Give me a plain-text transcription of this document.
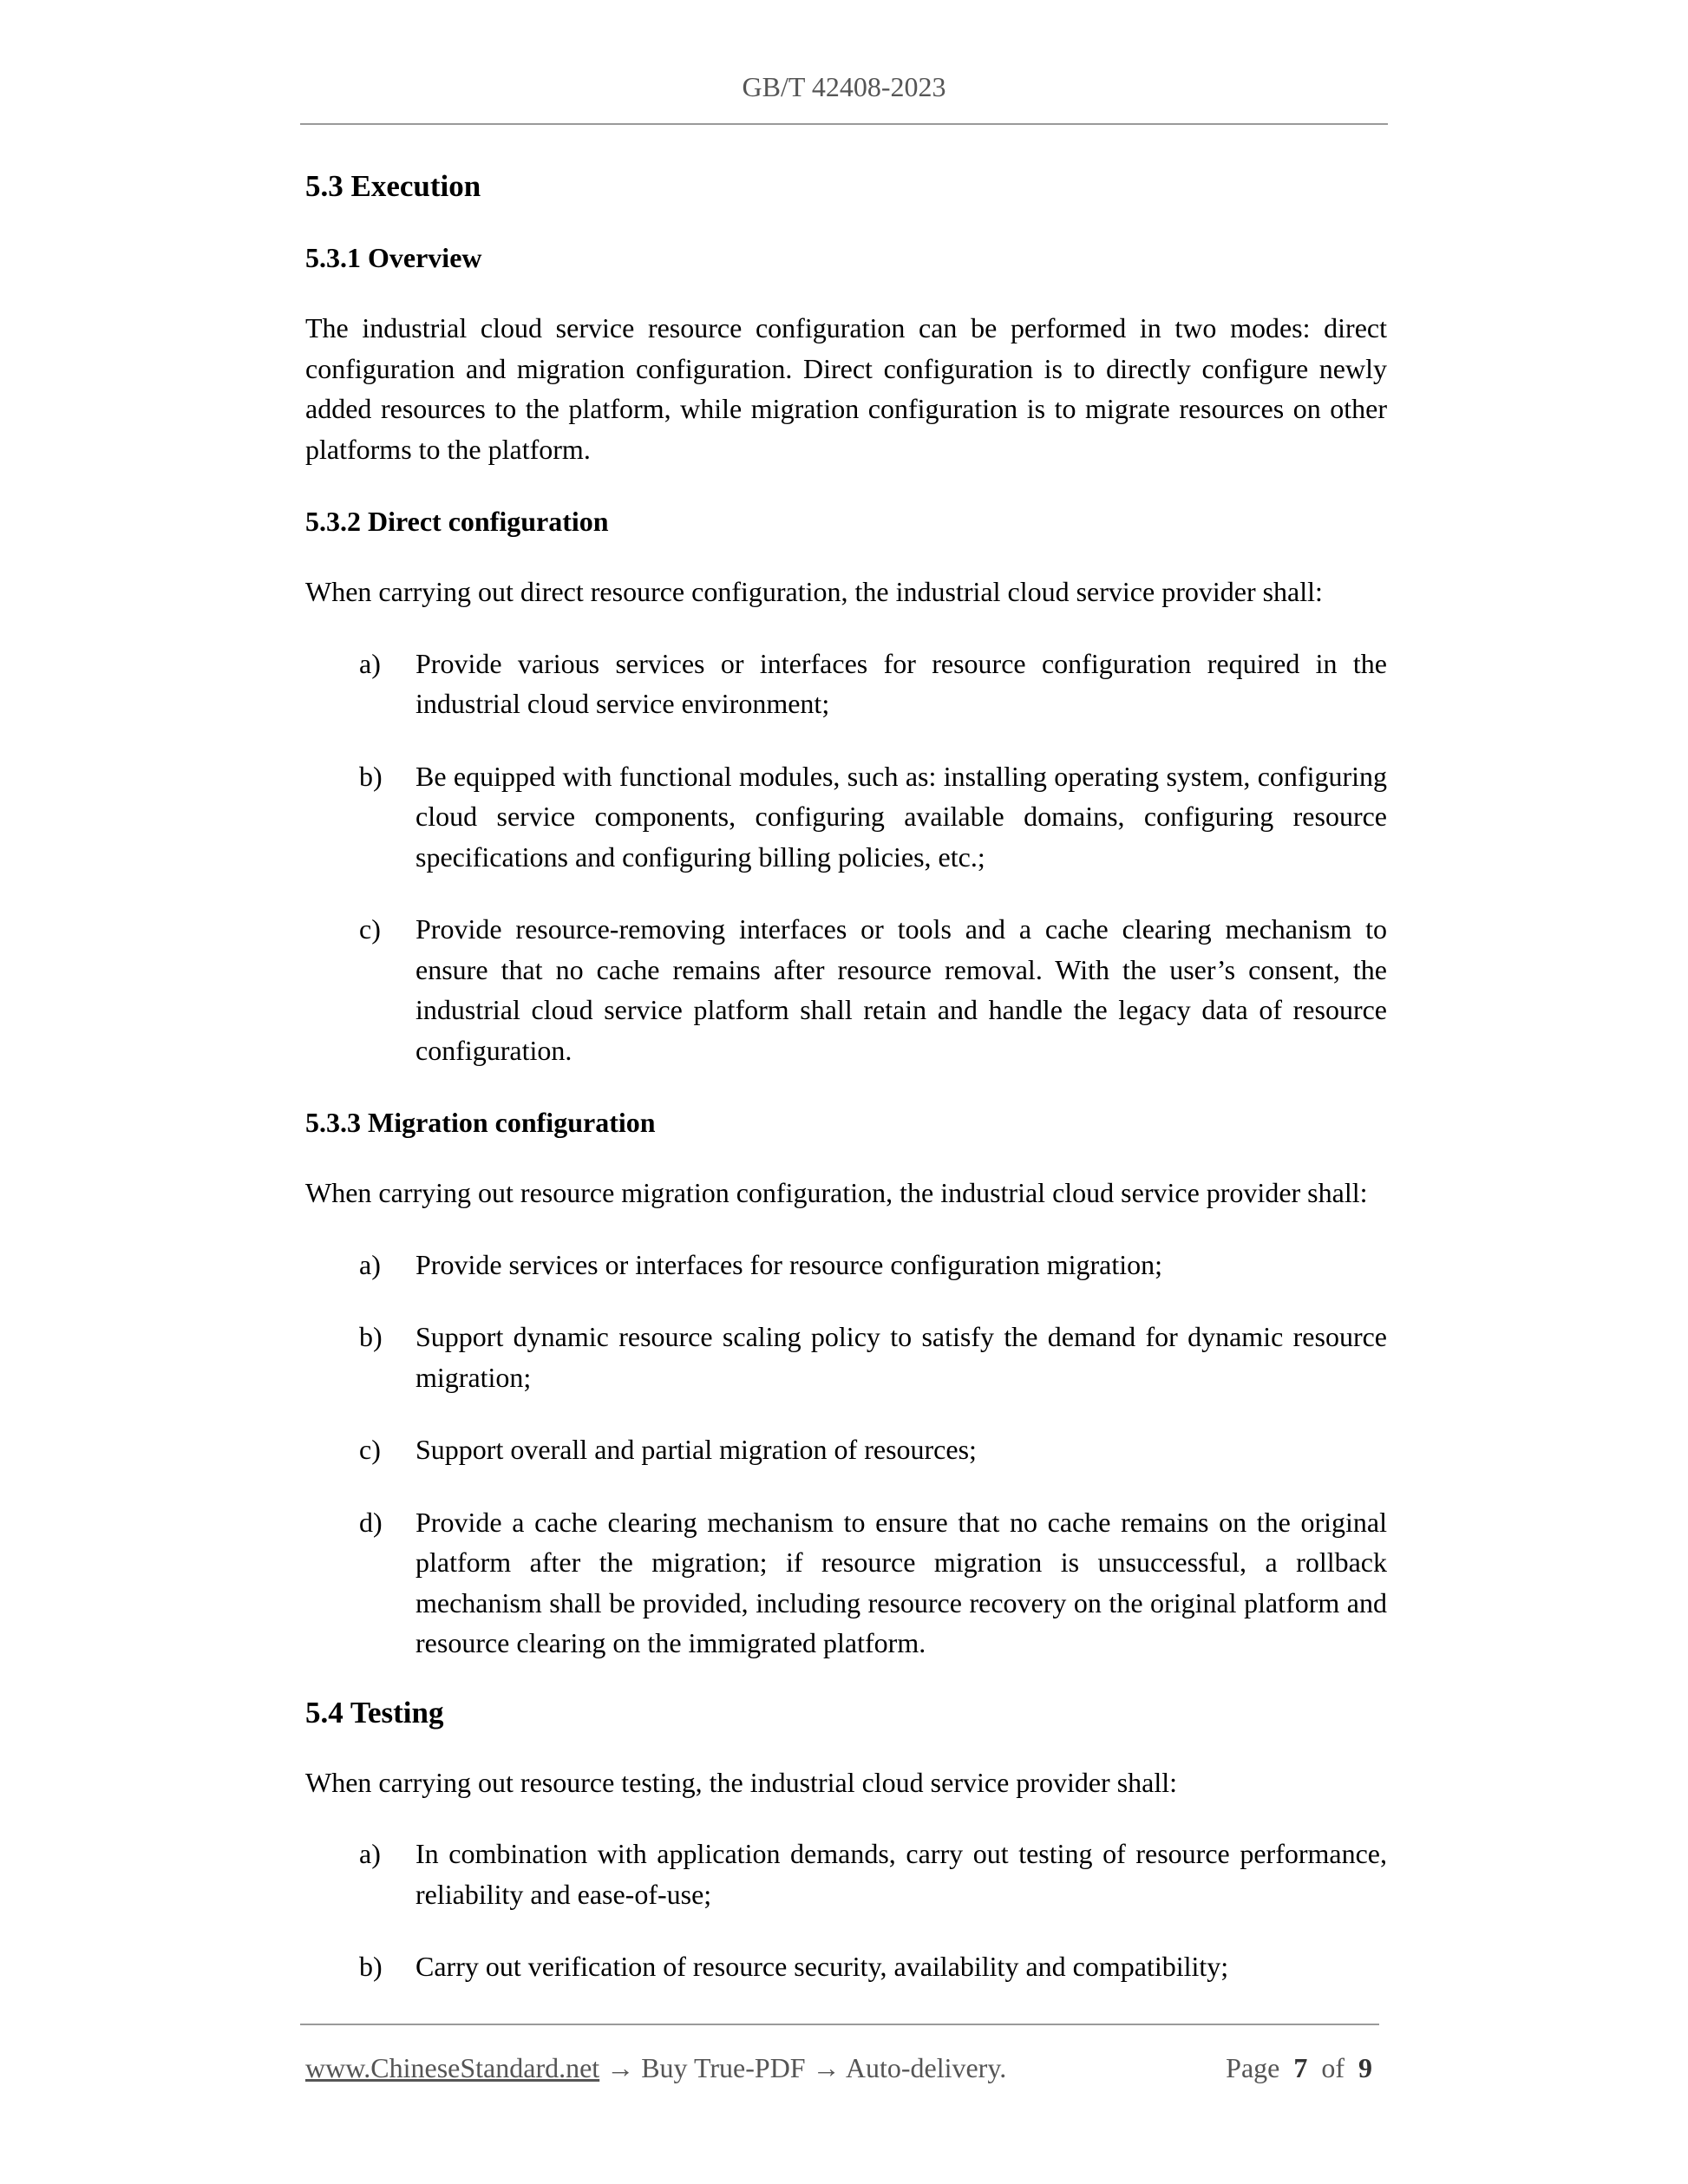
GB/T 42408-2023
5.3 Execution
5.3.1 Overview

The industrial cloud service resource configuration can be performed in two modes: direct configuration and migration configuration. Direct configuration is to directly configure newly added resources to the platform, while migration configuration is to migrate resources on other platforms to the platform.

5.3.2 Direct configuration

When carrying out direct resource configuration, the industrial cloud service provider shall:

a) Provide various services or interfaces for resource configuration required in the industrial cloud service environment;
b) Be equipped with functional modules, such as: installing operating system, configuring cloud service components, configuring available domains, configuring resource specifications and configuring billing policies, etc.;
c) Provide resource-removing interfaces or tools and a cache clearing mechanism to ensure that no cache remains after resource removal. With the user’s consent, the industrial cloud service platform shall retain and handle the legacy data of resource configuration.
5.3.3 Migration configuration

When carrying out resource migration configuration, the industrial cloud service provider shall:

a) Provide services or interfaces for resource configuration migration;
b) Support dynamic resource scaling policy to satisfy the demand for dynamic resource migration;
c) Support overall and partial migration of resources;
d) Provide a cache clearing mechanism to ensure that no cache remains on the original platform after the migration; if resource migration is unsuccessful, a rollback mechanism shall be provided, including resource recovery on the original platform and resource clearing on the immigrated platform.
5.4 Testing

When carrying out resource testing, the industrial cloud service provider shall:

a) In combination with application demands, carry out testing of resource performance, reliability and ease-of-use;
b) Carry out verification of resource security, availability and compatibility;
www.ChineseStandard.net → Buy True-PDF → Auto-delivery.	Page 7 of 9
